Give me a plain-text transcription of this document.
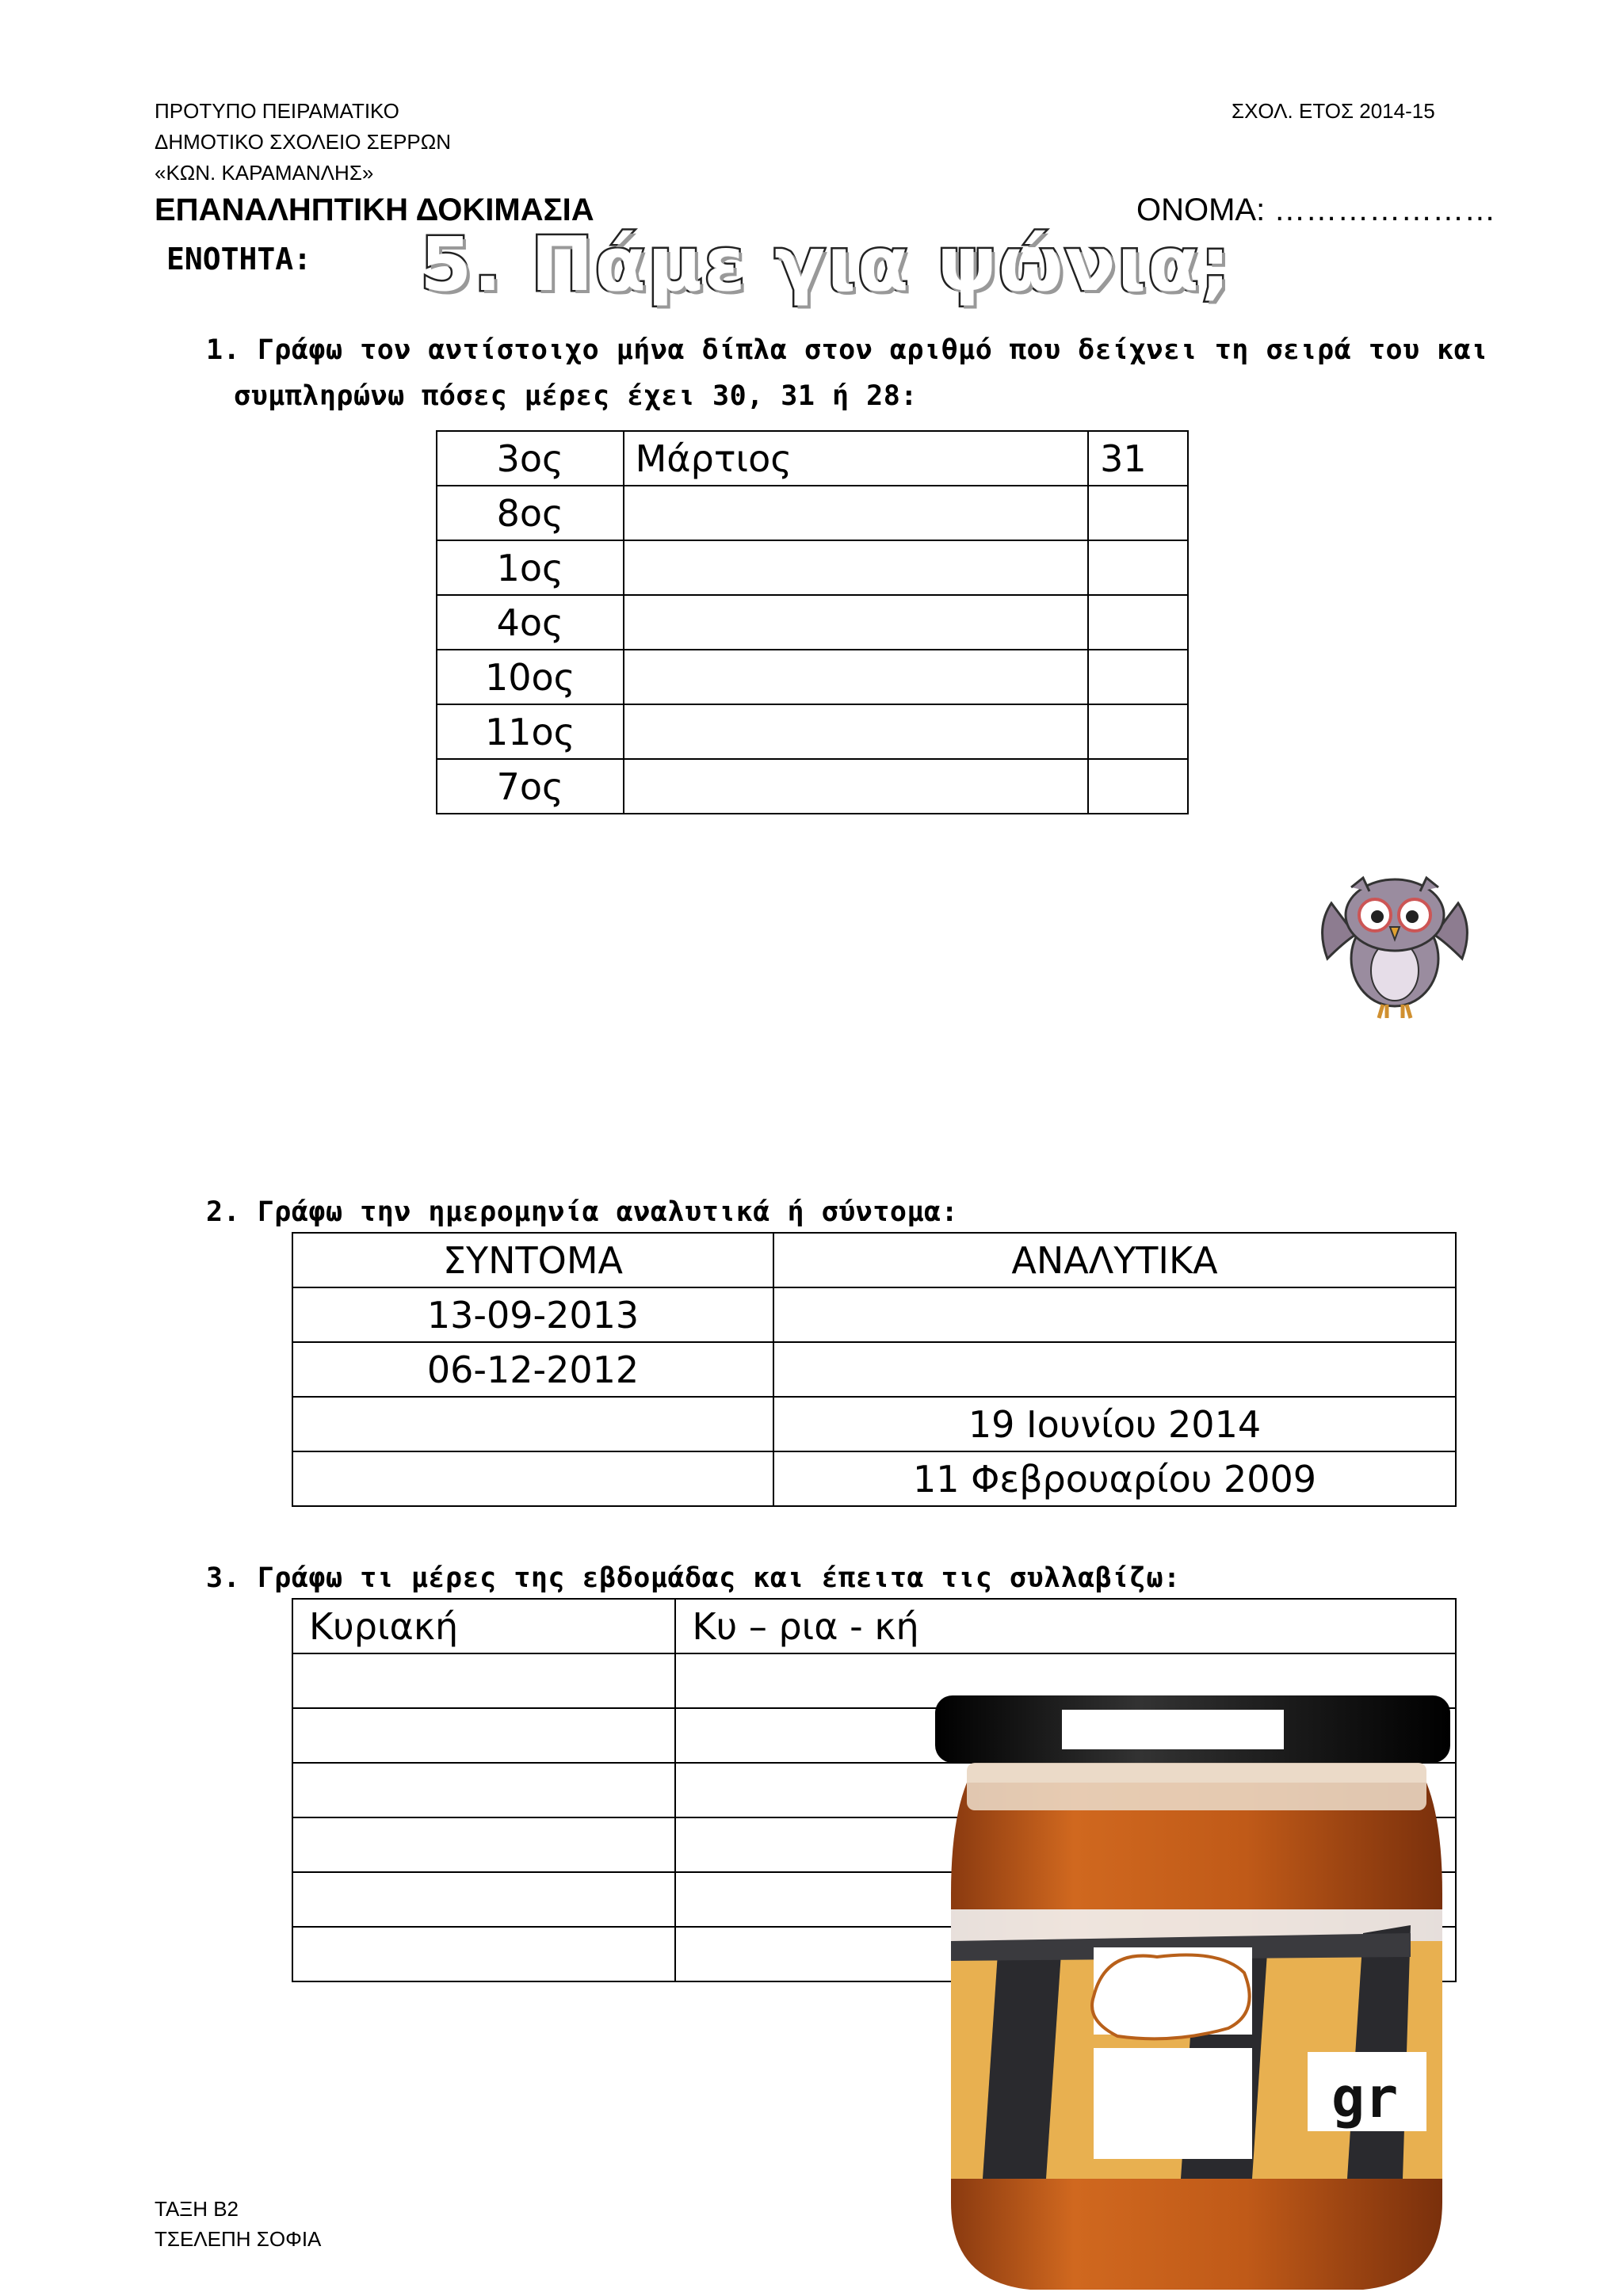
ΠΡΟΤΥΠΟ ΠΕΙΡΑΜΑΤΙΚΟ
ΔΗΜΟΤΙΚΟ ΣΧΟΛΕΙΟ ΣΕΡΡΩΝ
«ΚΩΝ. ΚΑΡΑΜΑΝΛΗΣ»
ΣΧΟΛ. ΕΤΟΣ 2014-15
ΕΠΑΝΑΛΗΠΤΙΚΗ ΔΟΚΙΜΑΣΙΑ	ΟΝΟΜΑ: …………………
ΕΝΟΤΗΤΑ: 5. Πάμε για ψώνια;
1. Γράφω τον αντίστοιχο μήνα δίπλα στον αριθμό που δείχνει τη σειρά του και
συμπληρώνω πόσες μέρες έχει 30, 31 ή 28:
3ος	Μάρτιος	31
8ος		
1ος		
4ος		
10ος		
11ος		
7ος		
2. Γράφω την ημερομηνία αναλυτικά ή σύντομα:
ΣΥΝΤΟΜΑ	ΑΝΑΛΥΤΙΚΑ
13-09-2013	
06-12-2012	
	19 Ιουνίου 2014
	11 Φεβρουαρίου 2009
3. Γράφω τι μέρες της εβδομάδας και έπειτα τις συλλαβίζω:
Κυριακή	Κυ – ρια - κή

gr
ΤΑΞΗ Β2
ΤΣΕΛΕΠΗ ΣΟΦΙΑ
